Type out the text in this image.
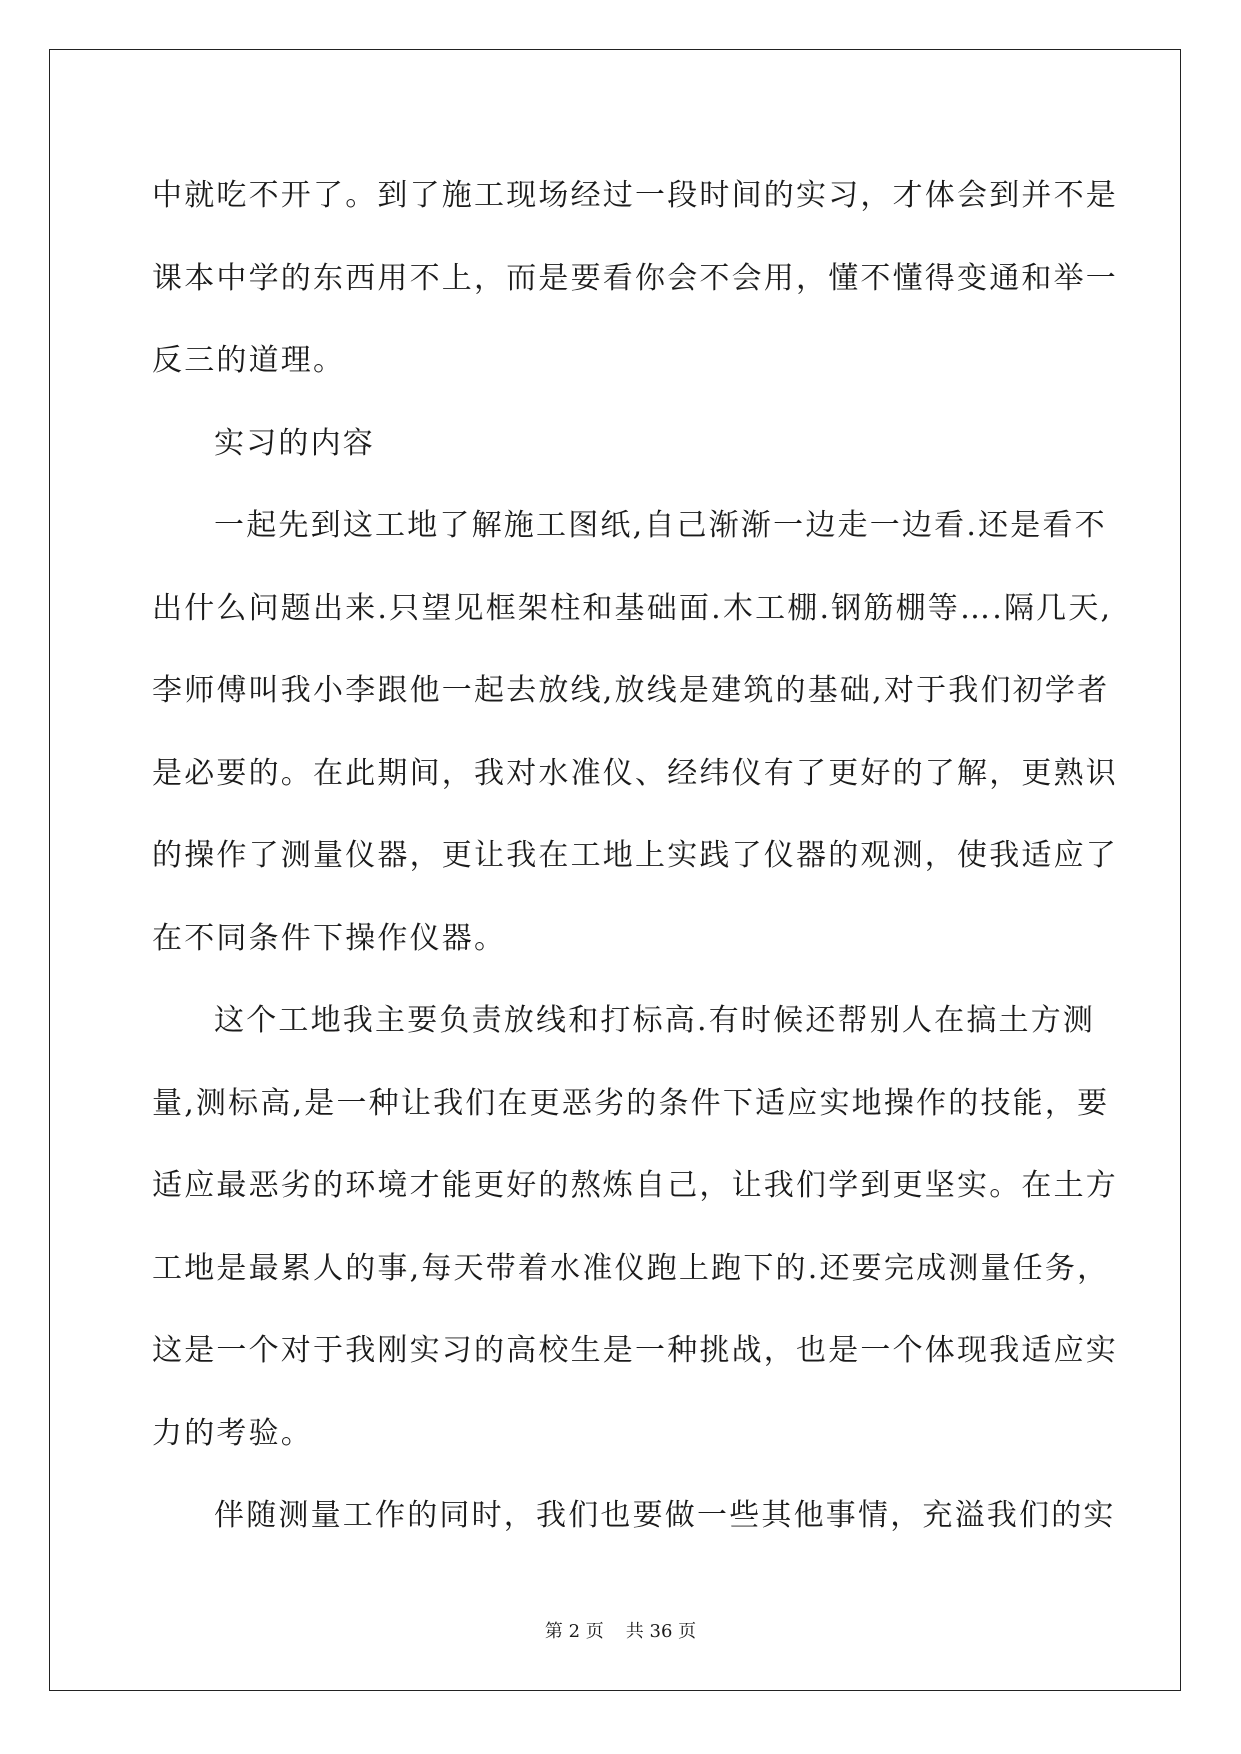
中就吃不开了。到了施工现场经过一段时间的实习，才体会到并不是
课本中学的东西用不上，而是要看你会不会用，懂不懂得变通和举一
反三的道理。
实习的内容
一起先到这工地了解施工图纸,自己渐渐一边走一边看.还是看不
出什么问题出来.只望见框架柱和基础面.木工棚.钢筋棚等….隔几天,
李师傅叫我小李跟他一起去放线,放线是建筑的基础,对于我们初学者
是必要的。在此期间，我对水准仪、经纬仪有了更好的了解，更熟识
的操作了测量仪器，更让我在工地上实践了仪器的观测，使我适应了
在不同条件下操作仪器。
这个工地我主要负责放线和打标高.有时候还帮别人在搞土方测
量,测标高,是一种让我们在更恶劣的条件下适应实地操作的技能，要
适应最恶劣的环境才能更好的熬炼自己，让我们学到更坚实。在土方
工地是最累人的事,每天带着水准仪跑上跑下的.还要完成测量任务，
这是一个对于我刚实习的高校生是一种挑战，也是一个体现我适应实
力的考验。
伴随测量工作的同时，我们也要做一些其他事情，充溢我们的实
第 2 页 共 36 页
